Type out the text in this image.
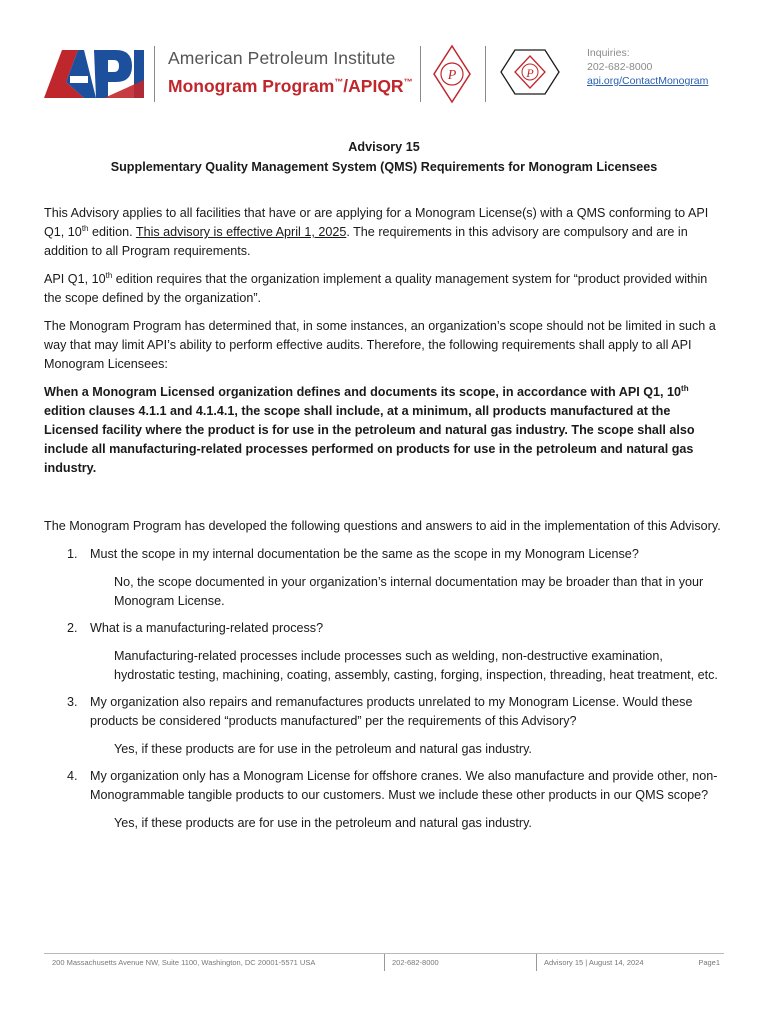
American Petroleum Institute
Monogram Program™/APIQR™	P	P
Inquiries:
202-682-8000
api.org/ContactMonogram
Advisory 15
Supplementary Quality Management System (QMS) Requirements for Monogram Licensees

This Advisory applies to all facilities that have or are applying for a Monogram License(s) with a QMS conforming to API Q1, 10th edition. This advisory is effective April 1, 2025. The requirements in this advisory are compulsory and are in addition to all Program requirements.

API Q1, 10th edition requires that the organization implement a quality management system for “product provided within the scope defined by the organization”.

The Monogram Program has determined that, in some instances, an organization’s scope should not be limited in such a way that may limit API’s ability to perform effective audits. Therefore, the following requirements shall apply to all API Monogram Licensees:

When a Monogram Licensed organization defines and documents its scope, in accordance with API Q1, 10th edition clauses 4.1.1 and 4.1.4.1, the scope shall include, at a minimum, all products manufactured at the Licensed facility where the product is for use in the petroleum and natural gas industry. The scope shall also include all manufacturing-related processes performed on products for use in the petroleum and natural gas industry.

The Monogram Program has developed the following questions and answers to aid in the implementation of this Advisory.

1. Must the scope in my internal documentation be the same as the scope in my Monogram License?
No, the scope documented in your organization’s internal documentation may be broader than that in your Monogram License.
2. What is a manufacturing-related process?
Manufacturing-related processes include processes such as welding, non-destructive examination, hydrostatic testing, machining, coating, assembly, casting, forging, inspection, threading, heat treatment, etc.
3. My organization also repairs and remanufactures products unrelated to my Monogram License. Would these products be considered “products manufactured” per the requirements of this Advisory?
Yes, if these products are for use in the petroleum and natural gas industry.
4. My organization only has a Monogram License for offshore cranes. We also manufacture and provide other, non-Monogrammable tangible products to our customers. Must we include these other products in our QMS scope?
Yes, if these products are for use in the petroleum and natural gas industry.
200 Massachusetts Avenue NW, Suite 1100, Washington, DC 20001-5571 USA	202-682-8000	Advisory 15 | August 14, 2024	Page1
